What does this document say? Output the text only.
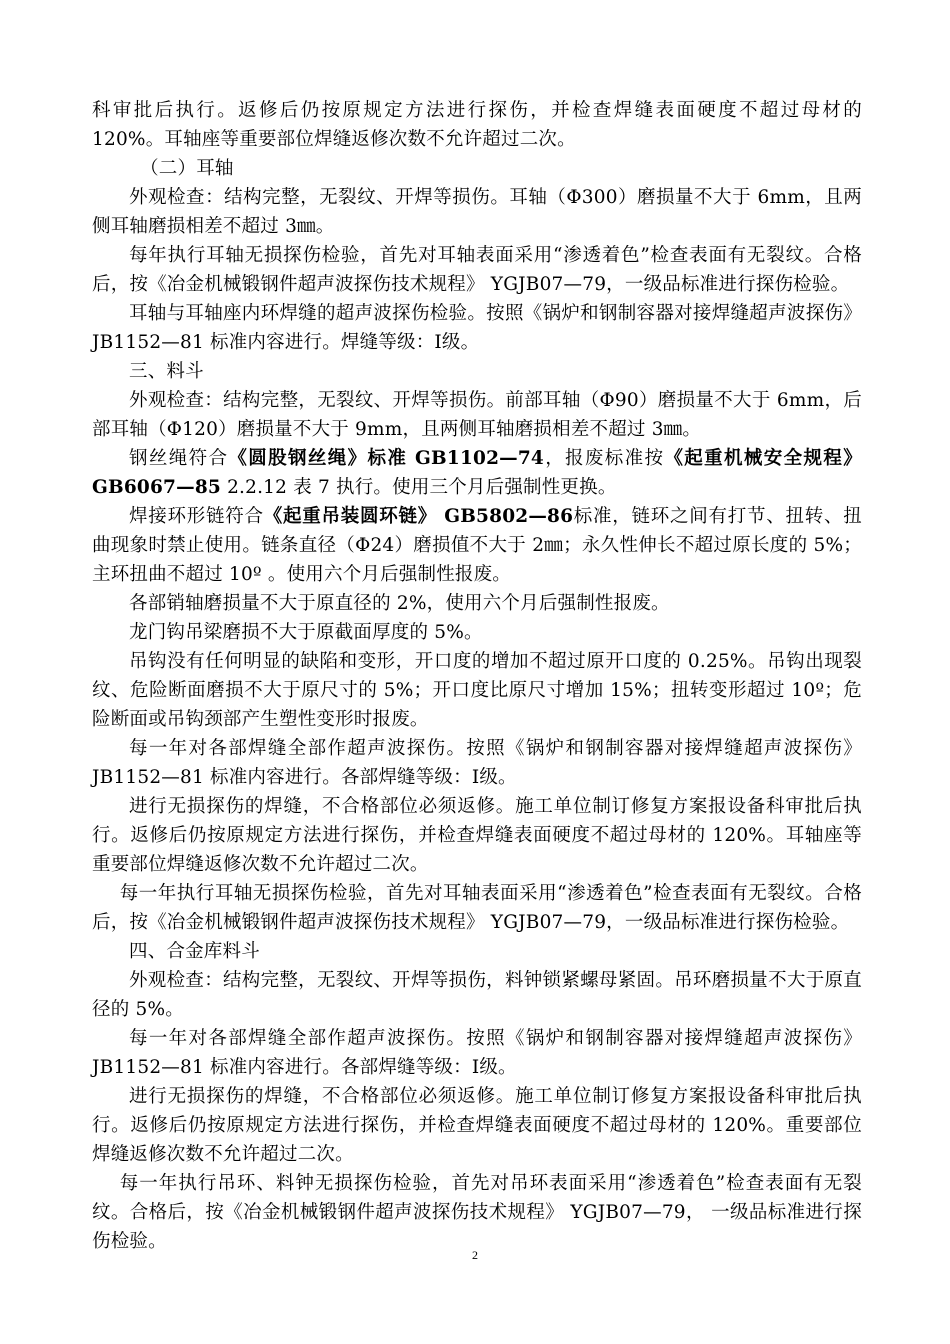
科审批后执行。返修后仍按原规定方法进行探伤，并检查焊缝表面硬度不超过母材的 120%。耳轴座等重要部位焊缝返修次数不允许超过二次。

（二）耳轴

外观检查：结构完整，无裂纹、开焊等损伤。耳轴（Φ300）磨损量不大于 6mm，且两侧耳轴磨损相差不超过 3㎜。

每年执行耳轴无损探伤检验，首先对耳轴表面采用“渗透着色”检查表面有无裂纹。合格后，按《冶金机械锻钢件超声波探伤技术规程》 YGJB07—79，一级品标准进行探伤检验。

耳轴与耳轴座内环焊缝的超声波探伤检验。按照《锅炉和钢制容器对接焊缝超声波探伤》 JB1152—81 标准内容进行。焊缝等级：Ⅰ级。

三、料斗

外观检查：结构完整，无裂纹、开焊等损伤。前部耳轴（Φ90）磨损量不大于 6mm，后部耳轴（Φ120）磨损量不大于 9mm，且两侧耳轴磨损相差不超过 3㎜。

钢丝绳符合《圆股钢丝绳》标准 GB1102—74，报废标准按《起重机械安全规程》 GB6067—85 2.2.12 表 7 执行。使用三个月后强制性更换。

焊接环形链符合《起重吊装圆环链》 GB5802—86标准，链环之间有打节、扭转、扭曲现象时禁止使用。链条直径（Φ24）磨损值不大于 2㎜；永久性伸长不超过原长度的 5%；主环扭曲不超过 10º 。使用六个月后强制性报废。

各部销轴磨损量不大于原直径的 2%，使用六个月后强制性报废。

龙门钩吊梁磨损不大于原截面厚度的 5%。

吊钩没有任何明显的缺陷和变形，开口度的增加不超过原开口度的 0.25%。吊钩出现裂纹、危险断面磨损不大于原尺寸的 5%；开口度比原尺寸增加 15%；扭转变形超过 10º；危险断面或吊钩颈部产生塑性变形时报废。

每一年对各部焊缝全部作超声波探伤。按照《锅炉和钢制容器对接焊缝超声波探伤》 JB1152—81 标准内容进行。各部焊缝等级：Ⅰ级。

进行无损探伤的焊缝，不合格部位必须返修。施工单位制订修复方案报设备科审批后执行。返修后仍按原规定方法进行探伤，并检查焊缝表面硬度不超过母材的 120%。耳轴座等重要部位焊缝返修次数不允许超过二次。

每一年执行耳轴无损探伤检验，首先对耳轴表面采用“渗透着色”检查表面有无裂纹。合格后，按《冶金机械锻钢件超声波探伤技术规程》 YGJB07—79，一级品标准进行探伤检验。

四、合金库料斗

外观检查：结构完整，无裂纹、开焊等损伤，料钟锁紧螺母紧固。吊环磨损量不大于原直径的 5%。

每一年对各部焊缝全部作超声波探伤。按照《锅炉和钢制容器对接焊缝超声波探伤》 JB1152—81 标准内容进行。各部焊缝等级：Ⅰ级。

进行无损探伤的焊缝，不合格部位必须返修。施工单位制订修复方案报设备科审批后执行。返修后仍按原规定方法进行探伤，并检查焊缝表面硬度不超过母材的 120%。重要部位焊缝返修次数不允许超过二次。

每一年执行吊环、料钟无损探伤检验，首先对吊环表面采用“渗透着色”检查表面有无裂纹。合格后，按《冶金机械锻钢件超声波探伤技术规程》 YGJB07—79， 一级品标准进行探伤检验。

2
